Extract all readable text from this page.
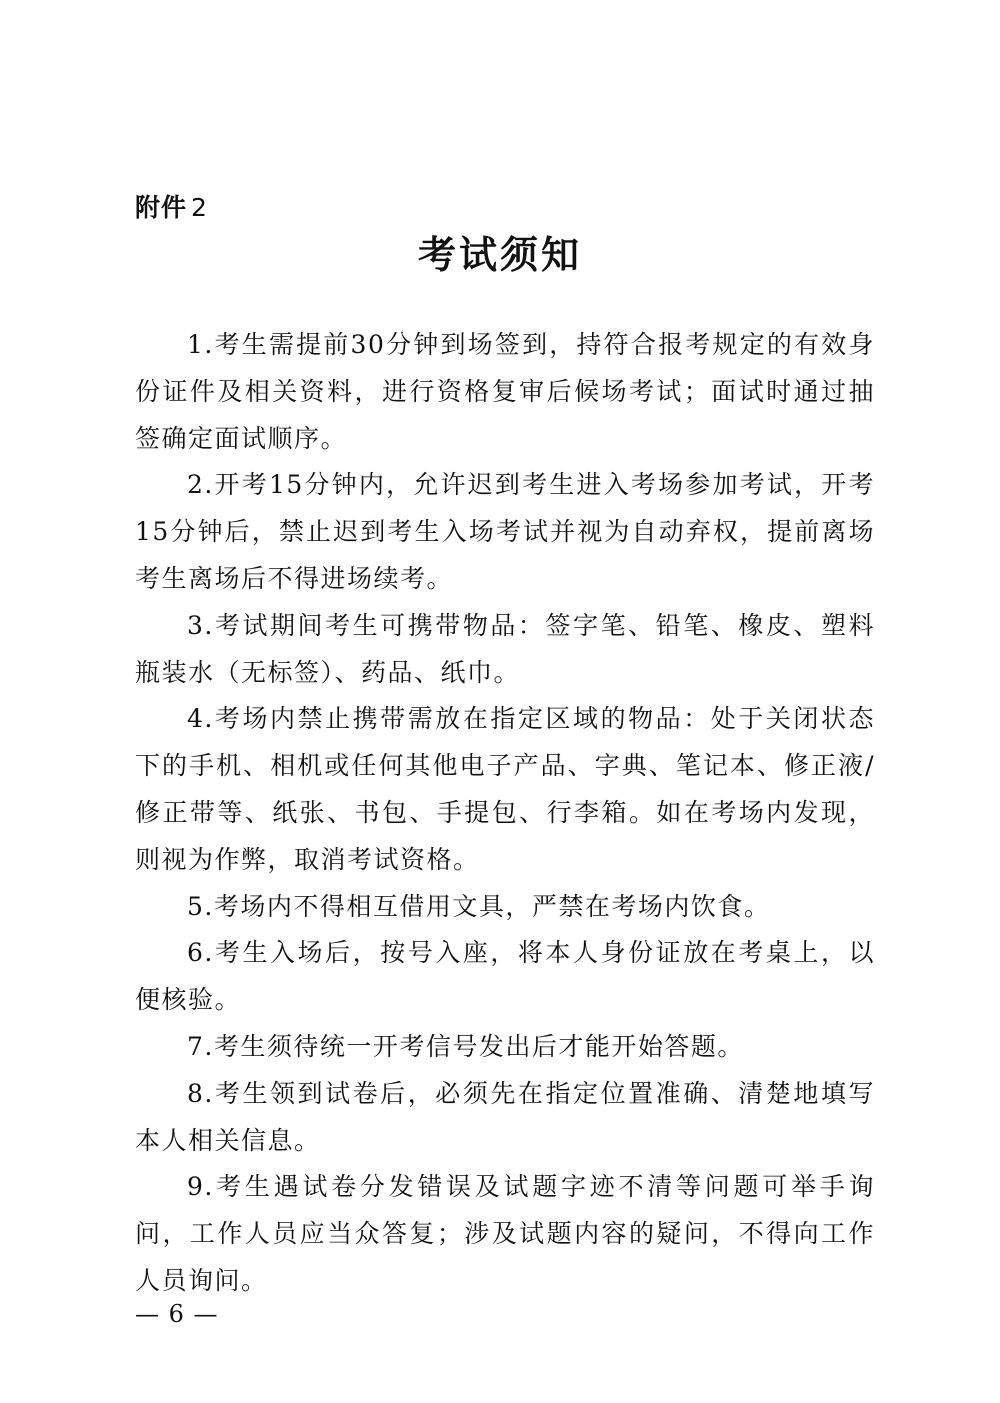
附件 2
考试须知

1.考生需提前30分钟到场签到，持符合报考规定的有效身份证件及相关资料，进行资格复审后候场考试；面试时通过抽签确定面试顺序。

2.开考15分钟内，允许迟到考生进入考场参加考试，开考15分钟后，禁止迟到考生入场考试并视为自动弃权，提前离场考生离场后不得进场续考。

3.考试期间考生可携带物品：签字笔、铅笔、橡皮、塑料瓶装水（无标签）、药品、纸巾。

4.考场内禁止携带需放在指定区域的物品：处于关闭状态下的手机、相机或任何其他电子产品、字典、笔记本、修正液/修正带等、纸张、书包、手提包、行李箱。如在考场内发现，则视为作弊，取消考试资格。

5.考场内不得相互借用文具，严禁在考场内饮食。

6.考生入场后，按号入座，将本人身份证放在考桌上，以便核验。

7.考生须待统一开考信号发出后才能开始答题。

8.考生领到试卷后，必须先在指定位置准确、清楚地填写本人相关信息。

9.考生遇试卷分发错误及试题字迹不清等问题可举手询问，工作人员应当众答复；涉及试题内容的疑问，不得向工作人员询问。

— 6 —
